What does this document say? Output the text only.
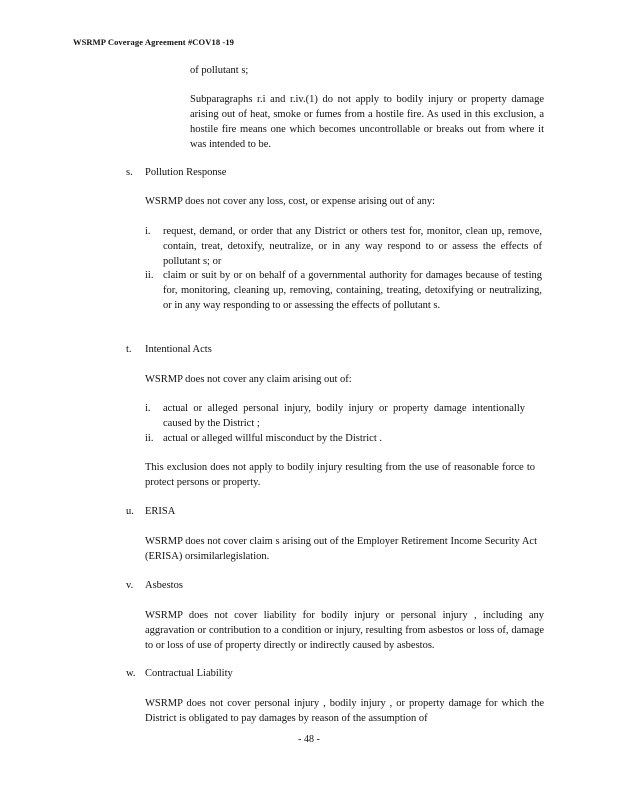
WSRMP Coverage Agreement #COV18 -19
of pollutant s;
Subparagraphs r.i and r.iv.(1) do not apply to bodily injury or property damage arising out of heat, smoke or fumes from a hostile fire. As used in this exclusion, a hostile fire means one which becomes uncontrollable or breaks out from where it was intended to be.
s. Pollution Response
WSRMP does not cover any loss, cost, or expense arising out of any:
i. request, demand, or order that any District or others test for, monitor, clean up, remove, contain, treat, detoxify, neutralize, or in any way respond to or assess the effects of pollutant s; or
ii. claim or suit by or on behalf of a governmental authority for damages because of testing for, monitoring, cleaning up, removing, containing, treating, detoxifying or neutralizing, or in any way responding to or assessing the effects of pollutant s.
t. Intentional Acts
WSRMP does not cover any claim arising out of:
i. actual or alleged personal injury, bodily injury or property damage intentionally caused by the District ;
ii. actual or alleged willful misconduct by the District .
This exclusion does not apply to bodily injury resulting from the use of reasonable force to protect persons or property.
u. ERISA
WSRMP does not cover claim s arising out of the Employer Retirement Income Security Act (ERISA) orsimilarlegislation.
v. Asbestos
WSRMP does not cover liability for bodily injury or personal injury , including any aggravation or contribution to a condition or injury, resulting from asbestos or loss of, damage to or loss of use of property directly or indirectly caused by asbestos.
w. Contractual Liability
WSRMP does not cover personal injury , bodily injury , or property damage for which the District is obligated to pay damages by reason of the assumption of
- 48 -
